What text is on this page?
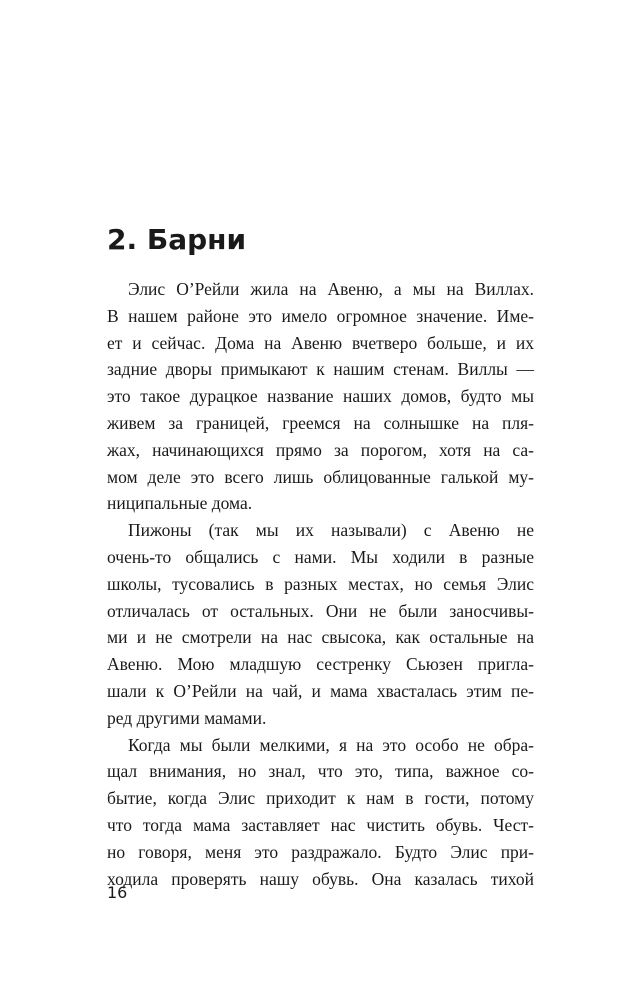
2. Барни
Элис О’Рейли жила на Авеню, а мы на Виллах.
В нашем районе это имело огромное значение. Име-
ет и сейчас. Дома на Авеню вчетверо больше, и их
задние дворы примыкают к нашим стенам. Виллы —
это такое дурацкое название наших домов, будто мы
живем за границей, греемся на солнышке на пля-
жах, начинающихся прямо за порогом, хотя на са-
мом деле это всего лишь облицованные галькой му-
ниципальные дома.
Пижоны (так мы их называли) с Авеню не
очень-то общались с нами. Мы ходили в разные
школы, тусовались в разных местах, но семья Элис
отличалась от остальных. Они не были заносчивы-
ми и не смотрели на нас свысока, как остальные на
Авеню. Мою младшую сестренку Сьюзен пригла-
шали к О’Рейли на чай, и мама хвасталась этим пе-
ред другими мамами.
Когда мы были мелкими, я на это особо не обра-
щал внимания, но знал, что это, типа, важное со-
бытие, когда Элис приходит к нам в гости, потому
что тогда мама заставляет нас чистить обувь. Чест-
но говоря, меня это раздражало. Будто Элис при-
ходила проверять нашу обувь. Она казалась тихой
16
